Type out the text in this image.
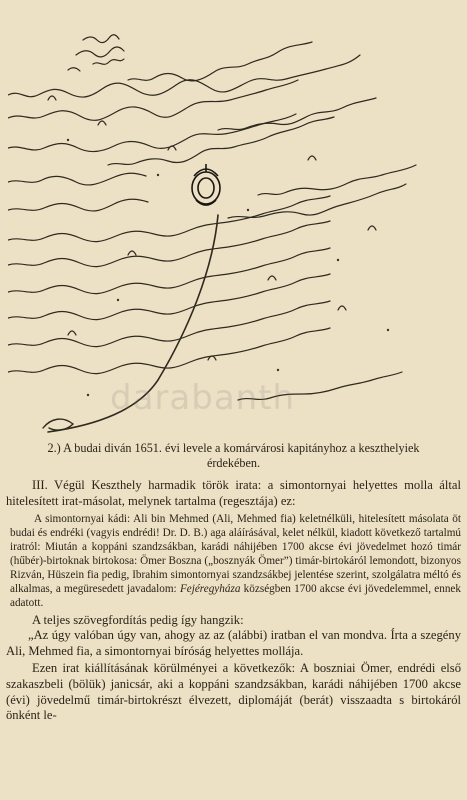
2.) A budai diván 1651. évi levele a komárvárosi kapitányhoz a keszthelyiek
érdekében.

III. Végül Keszthely harmadik török irata: a simontornyai helyettes molla által hitelesített irat-másolat, melynek tartalma (regesztája) ez:

A simontornyai kádi: Ali bin Mehmed (Ali, Mehmed fia) keletnélküli, hitelesített másolata öt budai és endréki (vagyis endrédi! Dr. D. B.) aga aláírásával, kelet nélkül, kiadott következő tartalmú iratról: Miután a koppáni szandzsákban, karádi náhijében 1700 akcse évi jövedelmet hozó timár (hűbér)-birtoknak birtokosa: Ömer Boszna („bosznyák Ömer”) timár-birtokáról lemondott, bizonyos Rizván, Hüszein fia pedig, Ibrahim simontornyai szandzsákbej jelentése szerint, szolgálatra méltó és alkalmas, a megüresedett javadalom: Fejéregyháza községben 1700 akcse évi jövedelemmel, ennek adatott.

A teljes szövegfordítás pedig így hangzik:

„Az úgy valóban úgy van, ahogy az az (alábbi) iratban el van mondva. Írta a szegény Ali, Mehmed fia, a simontornyai bíróság helyettes mollája.

Ezen irat kiállításának körülményei a következők: A boszniai Ömer, endrédi első szakaszbeli (bölük) janicsár, aki a koppáni szandzsákban, karádi náhijében 1700 akcse (évi) jövedelmű timár-birtokrészt élvezett, diplomáját (berát) visszaadta s birtokáról önként le-
